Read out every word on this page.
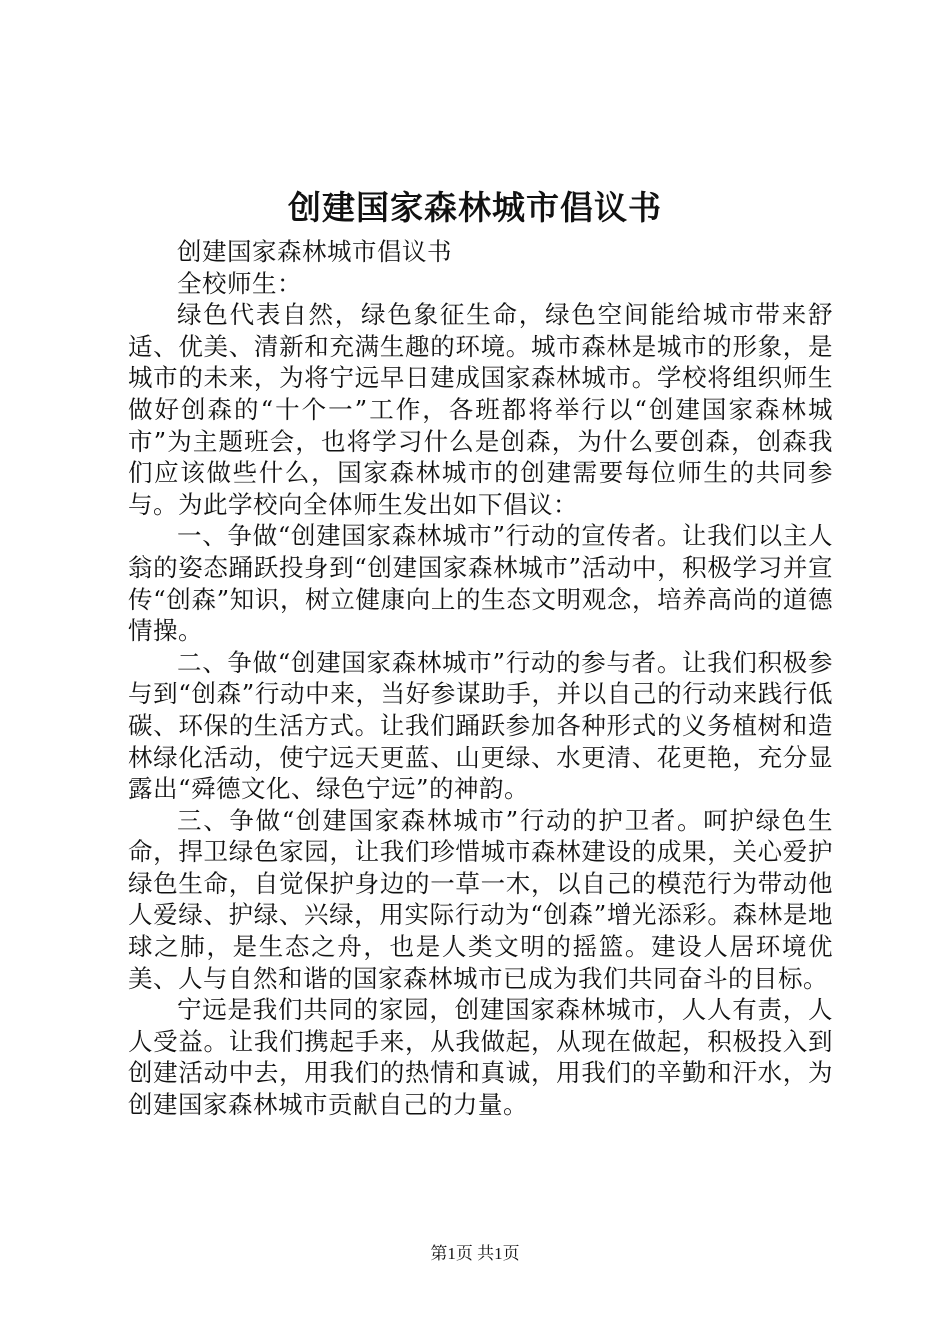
创建国家森林城市倡议书

创建国家森林城市倡议书

全校师生：

绿色代表自然，绿色象征生命，绿色空间能给城市带来舒适、优美、清新和充满生趣的环境。城市森林是城市的形象，是城市的未来，为将宁远早日建成国家森林城市。学校将组织师生做好创森的“十个一”工作，各班都将举行以“创建国家森林城市”为主题班会，也将学习什么是创森，为什么要创森，创森我们应该做些什么，国家森林城市的创建需要每位师生的共同参与。为此学校向全体师生发出如下倡议：

一、争做“创建国家森林城市”行动的宣传者。让我们以主人翁的姿态踊跃投身到“创建国家森林城市”活动中，积极学习并宣传“创森”知识，树立健康向上的生态文明观念，培养高尚的道德情操。

二、争做“创建国家森林城市”行动的参与者。让我们积极参与到“创森”行动中来，当好参谋助手，并以自己的行动来践行低碳、环保的生活方式。让我们踊跃参加各种形式的义务植树和造林绿化活动，使宁远天更蓝、山更绿、水更清、花更艳，充分显露出“舜德文化、绿色宁远”的神韵。

三、争做“创建国家森林城市”行动的护卫者。呵护绿色生命，捍卫绿色家园，让我们珍惜城市森林建设的成果，关心爱护绿色生命，自觉保护身边的一草一木，以自己的模范行为带动他人爱绿、护绿、兴绿，用实际行动为“创森”增光添彩。森林是地球之肺，是生态之舟，也是人类文明的摇篮。建设人居环境优美、人与自然和谐的国家森林城市已成为我们共同奋斗的目标。

宁远是我们共同的家园，创建国家森林城市，人人有责，人人受益。让我们携起手来，从我做起，从现在做起，积极投入到创建活动中去，用我们的热情和真诚，用我们的辛勤和汗水，为创建国家森林城市贡献自己的力量。

第1页 共1页
